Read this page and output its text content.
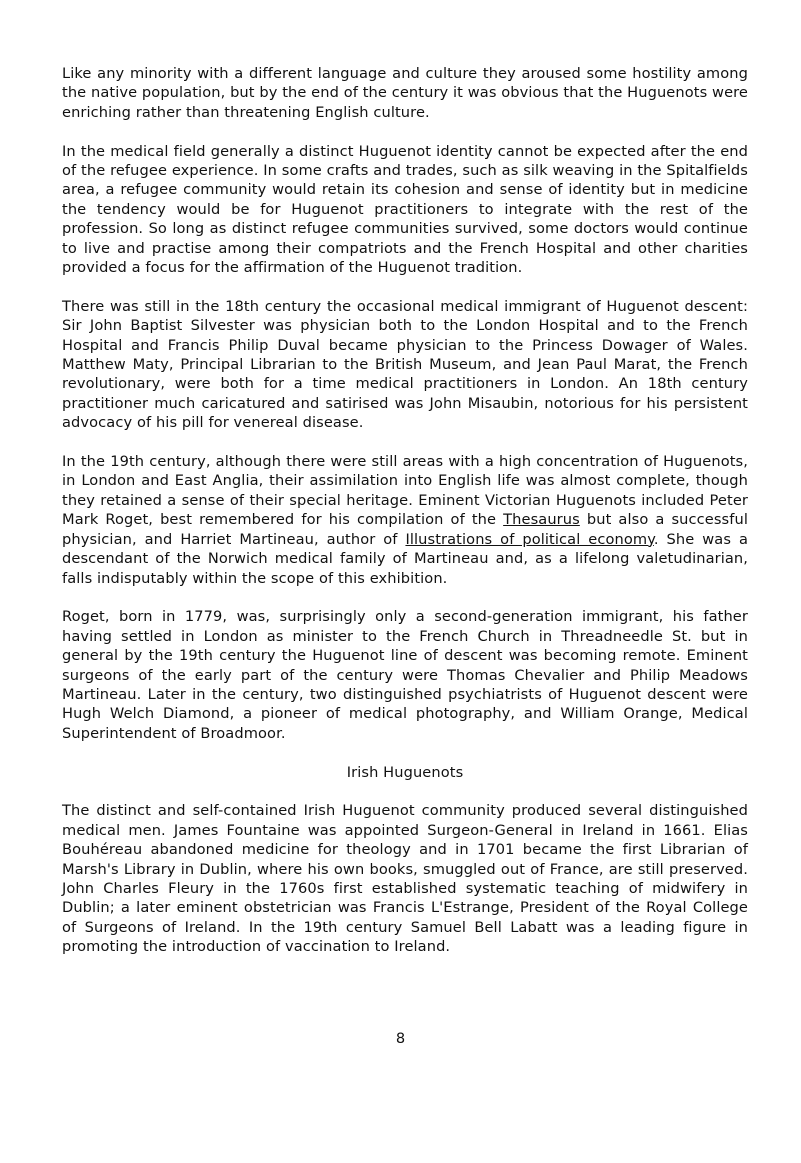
Like any minority with a different language and culture they aroused some hostility among the native population, but by the end of the century it was obvious that the Huguenots were enriching rather than threatening English culture.

In the medical field generally a distinct Huguenot identity cannot be expected after the end of the refugee experience. In some crafts and trades, such as silk weaving in the Spitalfields area, a refugee community would retain its cohesion and sense of identity but in medicine the tendency would be for Huguenot practitioners to integrate with the rest of the profession. So long as distinct refugee communities survived, some doctors would continue to live and practise among their compatriots and the French Hospital and other charities provided a focus for the affirmation of the Huguenot tradition.

There was still in the 18th century the occasional medical immigrant of Huguenot descent: Sir John Baptist Silvester was physician both to the London Hospital and to the French Hospital and Francis Philip Duval became physician to the Princess Dowager of Wales. Matthew Maty, Principal Librarian to the British Museum, and Jean Paul Marat, the French revolutionary, were both for a time medical practitioners in London. An 18th century practitioner much caricatured and satirised was John Misaubin, notorious for his persistent advocacy of his pill for venereal disease.

In the 19th century, although there were still areas with a high concentration of Huguenots, in London and East Anglia, their assimilation into English life was almost complete, though they retained a sense of their special heritage. Eminent Victorian Huguenots included Peter Mark Roget, best remembered for his compilation of the Thesaurus but also a successful physician, and Harriet Martineau, author of Illustrations of political economy. She was a descendant of the Norwich medical family of Martineau and, as a lifelong valetudinarian, falls indisputably within the scope of this exhibition.

Roget, born in 1779, was, surprisingly only a second-generation immigrant, his father having settled in London as minister to the French Church in Threadneedle St. but in general by the 19th century the Huguenot line of descent was becoming remote. Eminent surgeons of the early part of the century were Thomas Chevalier and Philip Meadows Martineau. Later in the century, two distinguished psychiatrists of Huguenot descent were Hugh Welch Diamond, a pioneer of medical photography, and William Orange, Medical Superintendent of Broadmoor.

Irish Huguenots

The distinct and self-contained Irish Huguenot community produced several distinguished medical men. James Fountaine was appointed Surgeon-General in Ireland in 1661. Elias Bouhéreau abandoned medicine for theology and in 1701 became the first Librarian of Marsh's Library in Dublin, where his own books, smuggled out of France, are still preserved. John Charles Fleury in the 1760s first established systematic teaching of midwifery in Dublin; a later eminent obstetrician was Francis L'Estrange, President of the Royal College of Surgeons of Ireland. In the 19th century Samuel Bell Labatt was a leading figure in promoting the introduction of vaccination to Ireland.

8
